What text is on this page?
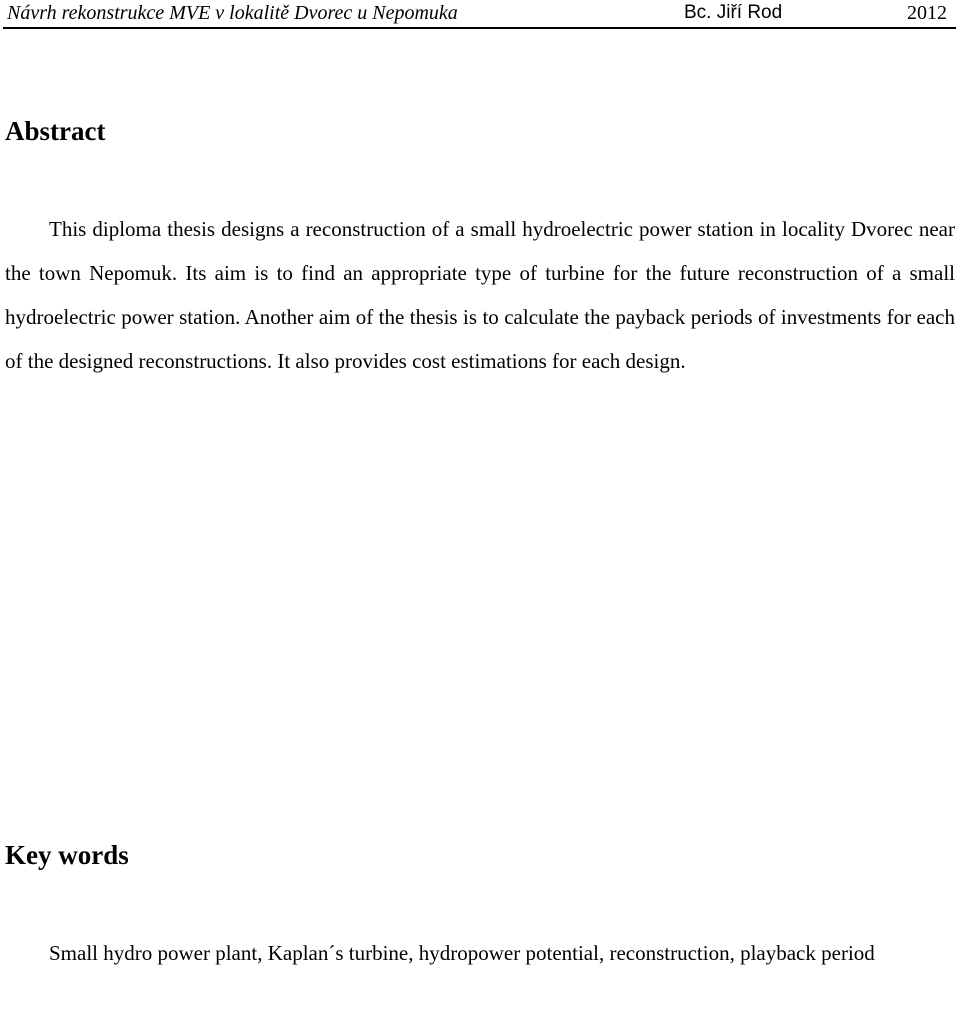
Návrh rekonstrukce MVE v lokalitě Dvorec u Nepomuka	Bc. Jiří Rod	2012
Abstract

This diploma thesis designs a reconstruction of a small hydroelectric power station in locality Dvorec near the town Nepomuk. Its aim is to find an appropriate type of turbine for the future reconstruction of a small hydroelectric power station. Another aim of the thesis is to calculate the payback periods of investments for each of the designed reconstructions. It also provides cost estimations for each design.

Key words

Small hydro power plant, Kaplan´s turbine, hydropower potential, reconstruction, playback period
